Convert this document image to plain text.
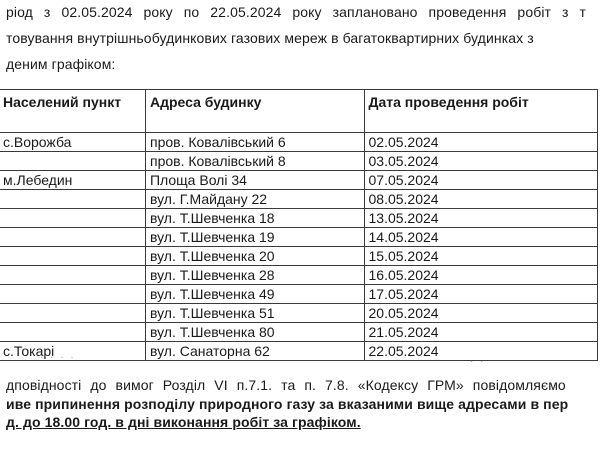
ріод з 02.05.2024 року по 22.05.2024 року заплановано проведення робіт з т
товування внутрішньобудинкових газових мереж в багатоквартирних будинках з
деним графіком:
Населений пункт	Адреса будинку	Дата проведення робіт
с.Ворожба	пров. Ковалівський 6	02.05.2024
	пров. Ковалівський 8	03.05.2024
м.Лебедин	Площа Волі 34	07.05.2024
	вул. Г.Майдану 22	08.05.2024
	вул. Т.Шевченка 18	13.05.2024
	вул. Т.Шевченка 19	14.05.2024
	вул. Т.Шевченка 20	15.05.2024
	вул. Т.Шевченка 28	16.05.2024
	вул. Т.Шевченка 49	17.05.2024
	вул. Т.Шевченка 51	20.05.2024
	вул. Т.Шевченка 80	21.05.2024
с.Токарі	вул. Санаторна 62	22.05.2024
· · · ·	· ·
дповідності до вимог Розділ VI п.7.1. та п. 7.8. «Кодексу ГРМ» повідомляємо
иве припинення розподілу природного газу за вказаними вище адресами в пер
д. до 18.00 год. в дні виконання робіт за графіком.
